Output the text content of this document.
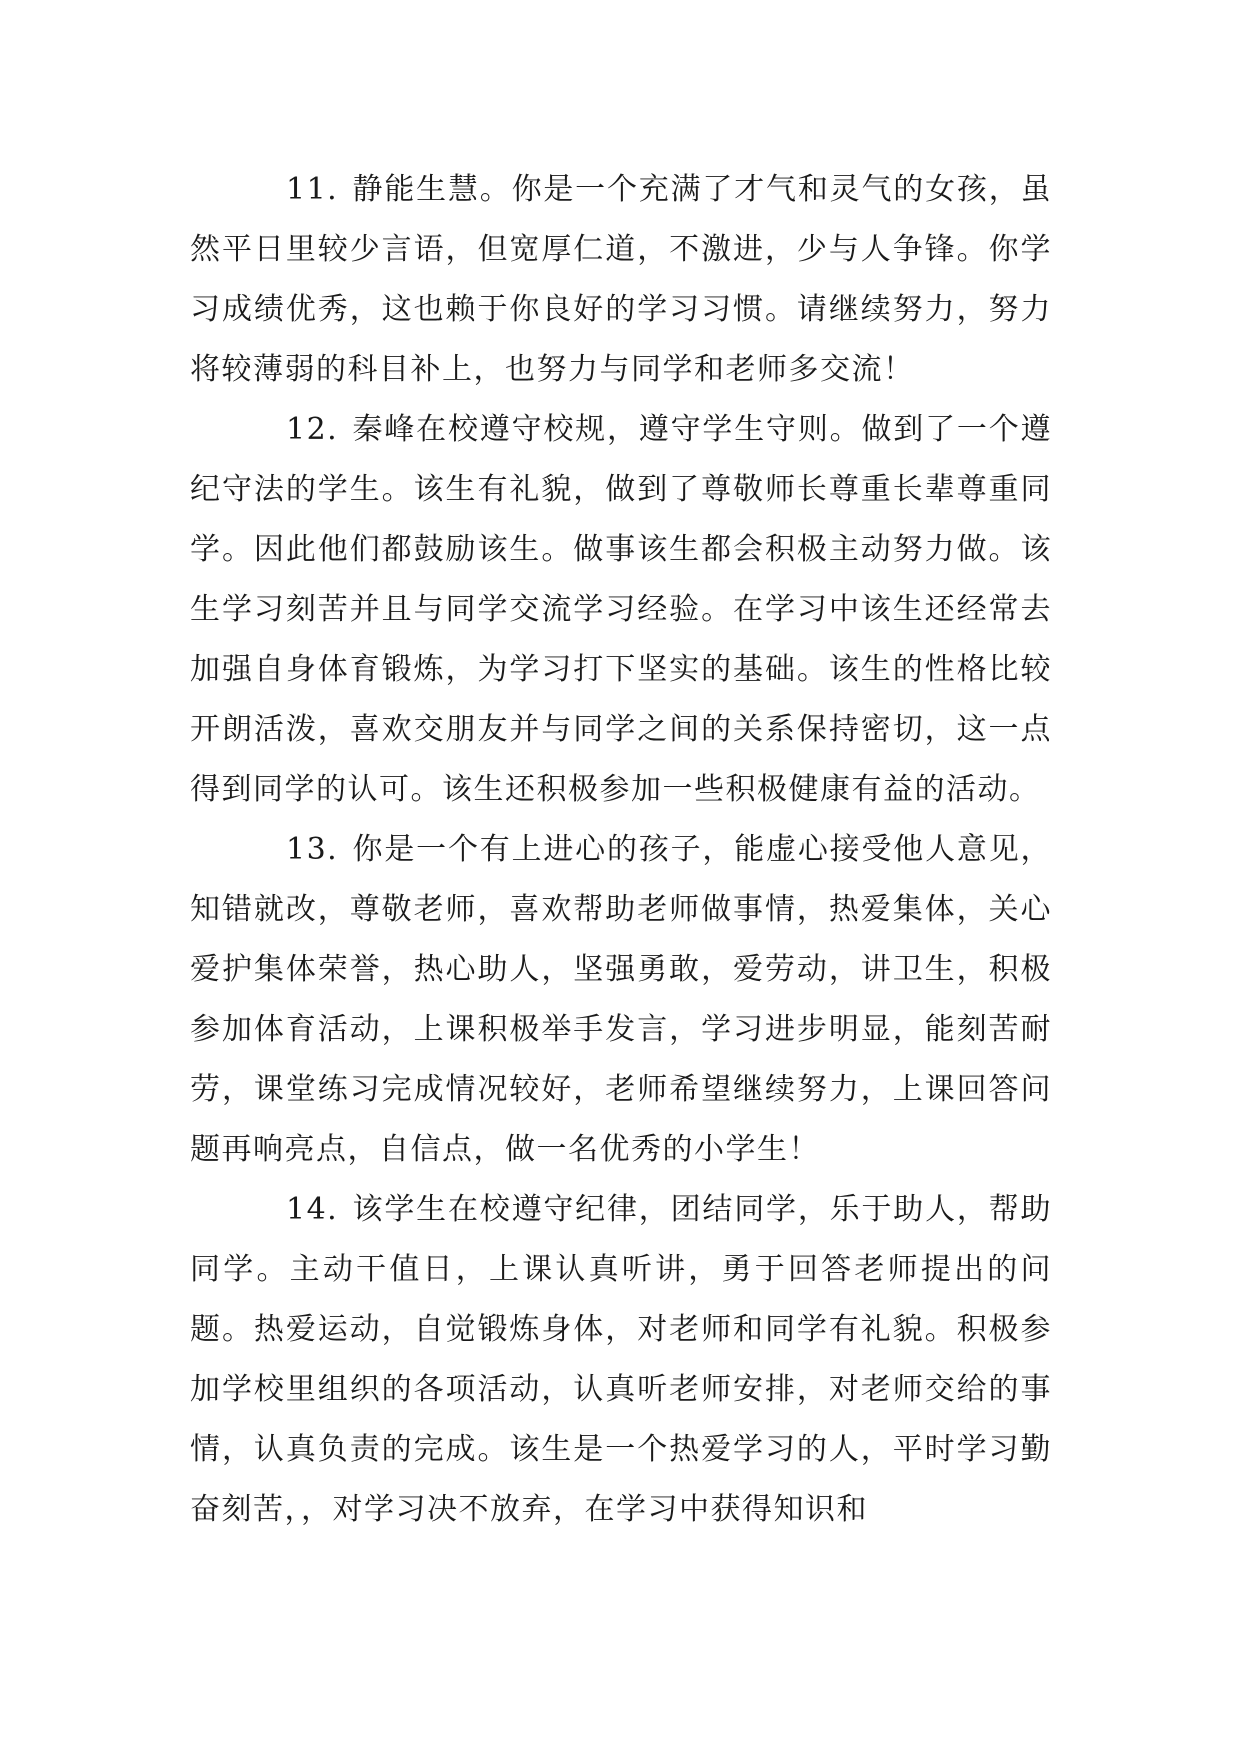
11. 静能生慧。你是一个充满了才气和灵气的女孩，虽然平日里较少言语，但宽厚仁道，不激进，少与人争锋。你学习成绩优秀，这也赖于你良好的学习习惯。请继续努力，努力将较薄弱的科目补上，也努力与同学和老师多交流！

12. 秦峰在校遵守校规，遵守学生守则。做到了一个遵纪守法的学生。该生有礼貌，做到了尊敬师长尊重长辈尊重同学。因此他们都鼓励该生。做事该生都会积极主动努力做。该生学习刻苦并且与同学交流学习经验。在学习中该生还经常去加强自身体育锻炼，为学习打下坚实的基础。该生的性格比较开朗活泼，喜欢交朋友并与同学之间的关系保持密切，这一点得到同学的认可。该生还积极参加一些积极健康有益的活动。

13. 你是一个有上进心的孩子，能虚心接受他人意见，知错就改，尊敬老师，喜欢帮助老师做事情，热爱集体，关心爱护集体荣誉，热心助人，坚强勇敢，爱劳动，讲卫生，积极参加体育活动，上课积极举手发言，学习进步明显，能刻苦耐劳，课堂练习完成情况较好，老师希望继续努力，上课回答问题再响亮点，自信点，做一名优秀的小学生！

14. 该学生在校遵守纪律，团结同学，乐于助人，帮助同学。主动干值日，上课认真听讲，勇于回答老师提出的问题。热爱运动，自觉锻炼身体，对老师和同学有礼貌。积极参加学校里组织的各项活动，认真听老师安排，对老师交给的事情，认真负责的完成。该生是一个热爱学习的人，平时学习勤奋刻苦，，对学习决不放弃，在学习中获得知识和
